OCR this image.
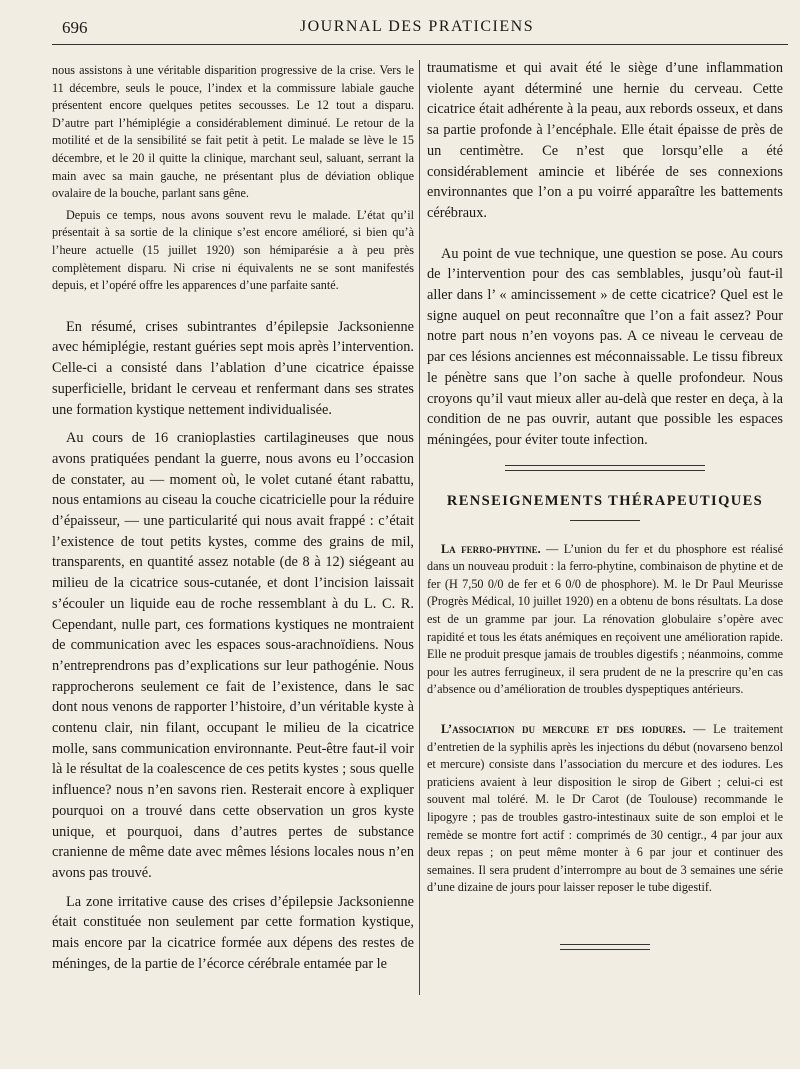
696	JOURNAL DES PRATICIENS

nous assistons à une véritable disparition progressive de la crise. Vers le 11 décembre, seuls le pouce, l’index et la commissure labiale gauche présentent encore quelques petites secousses. Le 12 tout a disparu. D’autre part l’hémiplégie a considérablement diminué. Le retour de la motilité et de la sensibilité se fait petit à petit. Le malade se lève le 15 décembre, et le 20 il quitte la clinique, marchant seul, saluant, serrant la main avec sa main gauche, ne présentant plus de déviation oblique ovalaire de la bouche, parlant sans gêne.

Depuis ce temps, nous avons souvent revu le malade. L’état qu’il présentait à sa sortie de la clinique s’est encore amélioré, si bien qu’à l’heure actuelle (15 juillet 1920) son hémiparésie a à peu près complètement disparu. Ni crise ni équivalents ne se sont manifestés depuis, et l’opéré offre les apparences d’une parfaite santé.

En résumé, crises subintrantes d’épilepsie Jacksonienne avec hémiplégie, restant guéries sept mois après l’intervention. Celle-ci a consisté dans l’ablation d’une cicatrice épaisse superficielle, bridant le cerveau et renfermant dans ses strates une formation kystique nettement individualisée.

Au cours de 16 cranioplasties cartilagineuses que nous avons pratiquées pendant la guerre, nous avons eu l’occasion de constater, au — moment où, le volet cutané étant rabattu, nous entamions au ciseau la couche cicatricielle pour la réduire d’épaisseur, — une particularité qui nous avait frappé : c’était l’existence de tout petits kystes, comme des grains de mil, transparents, en quantité assez notable (de 8 à 12) siégeant au milieu de la cicatrice sous-cutanée, et dont l’incision laissait s’écouler un liquide eau de roche ressemblant à du L. C. R. Cependant, nulle part, ces formations kystiques ne montraient de communication avec les espaces sous-arachnoïdiens. Nous n’entreprendrons pas d’explications sur leur pathogénie. Nous rapprocherons seulement ce fait de l’existence, dans le sac dont nous venons de rapporter l’histoire, d’un véritable kyste à contenu clair, nin filant, occupant le milieu de la cicatrice molle, sans communication environnante. Peut-être faut-il voir là le résultat de la coalescence de ces petits kystes ; sous quelle influence? nous n’en savons rien. Resterait encore à expliquer pourquoi on a trouvé dans cette observation un gros kyste unique, et pourquoi, dans d’autres pertes de substance cranienne de même date avec mêmes lésions locales nous n’en avons pas trouvé.

La zone irritative cause des crises d’épilepsie Jacksonienne était constituée non seulement par cette formation kystique, mais encore par la cicatrice formée aux dépens des restes de méninges, de la partie de l’écorce cérébrale entamée par le

traumatisme et qui avait été le siège d’une inflammation violente ayant déterminé une hernie du cerveau. Cette cicatrice était adhérente à la peau, aux rebords osseux, et dans sa partie profonde à l’encéphale. Elle était épaisse de près de un centimètre. Ce n’est que lorsqu’elle a été considérablement amincie et libérée de ses connexions environnantes que l’on a pu voirré apparaître les battements cérébraux.

Au point de vue technique, une question se pose. Au cours de l’intervention pour des cas semblables, jusqu’où faut-il aller dans l’ « amincissement » de cette cicatrice? Quel est le signe auquel on peut reconnaître que l’on a fait assez? Pour notre part nous n’en voyons pas. A ce niveau le cerveau de par ces lésions anciennes est méconnaissable. Le tissu fibreux le pénètre sans que l’on sache à quelle profondeur. Nous croyons qu’il vaut mieux aller au-delà que rester en deça, à la condition de ne pas ouvrir, autant que possible les espaces méningées, pour éviter toute infection.

RENSEIGNEMENTS THÉRAPEUTIQUES

La ferro-phytine. — L’union du fer et du phosphore est réalisé dans un nouveau produit : la ferro-phytine, combinaison de phytine et de fer (H 7,50 0/0 de fer et 6 0/0 de phosphore). M. le Dr Paul Meurisse (Progrès Médical, 10 juillet 1920) en a obtenu de bons résultats. La dose est de un gramme par jour. La rénovation globulaire s’opère avec rapidité et tous les états anémiques en reçoivent une amélioration rapide. Elle ne produit presque jamais de troubles digestifs ; néanmoins, comme pour les autres ferrugineux, il sera prudent de ne la prescrire qu’en cas d’absence ou d’amélioration de troubles dyspeptiques antérieurs.

L’association du mercure et des iodures. — Le traitement d’entretien de la syphilis après les injections du début (novarseno benzol et mercure) consiste dans l’association du mercure et des iodures. Les praticiens avaient à leur disposition le sirop de Gibert ; celui-ci est souvent mal toléré. M. le Dr Carot (de Toulouse) recommande le lipogyre ; pas de troubles gastro-intestinaux suite de son emploi et le remède se montre fort actif : comprimés de 30 centigr., 4 par jour aux deux repas ; on peut même monter à 6 par jour et continuer des semaines. Il sera prudent d’interrompre au bout de 3 semaines une série d’une dizaine de jours pour laisser reposer le tube digestif.
